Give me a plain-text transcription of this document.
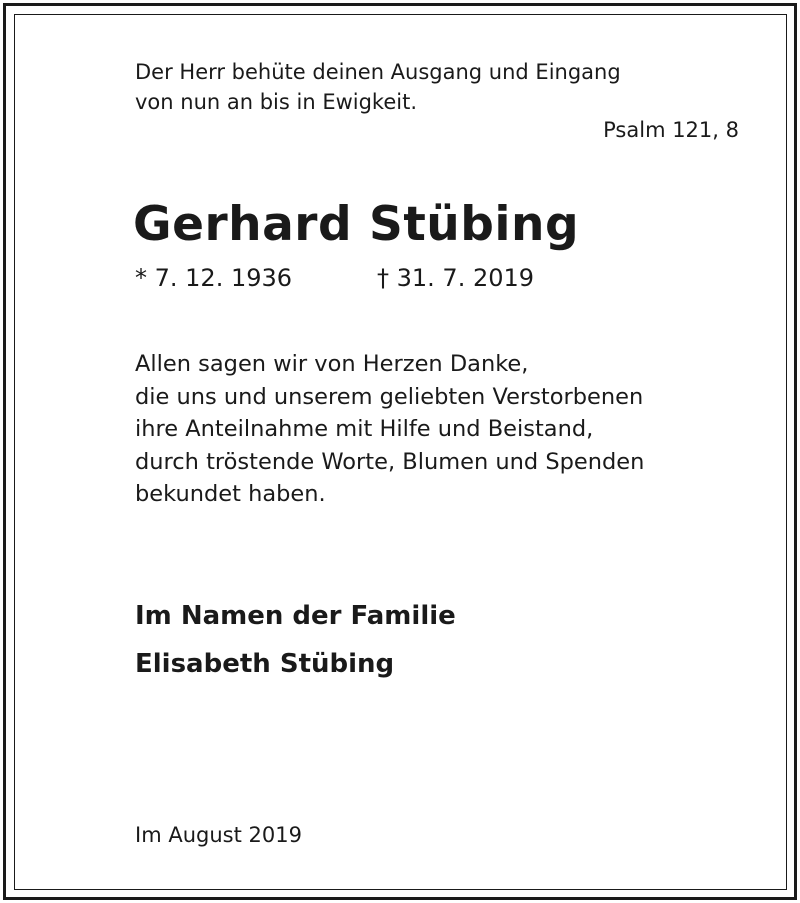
Der Herr behüte deinen Ausgang und Eingang
von nun an bis in Ewigkeit.
Psalm 121, 8
Gerhard Stübing
* 7. 12. 1936	† 31. 7. 2019
Allen sagen wir von Herzen Danke,
die uns und unserem geliebten Verstorbenen
ihre Anteilnahme mit Hilfe und Beistand,
durch tröstende Worte, Blumen und Spenden
bekundet haben.
Im Namen der Familie
Elisabeth Stübing
Im August 2019
